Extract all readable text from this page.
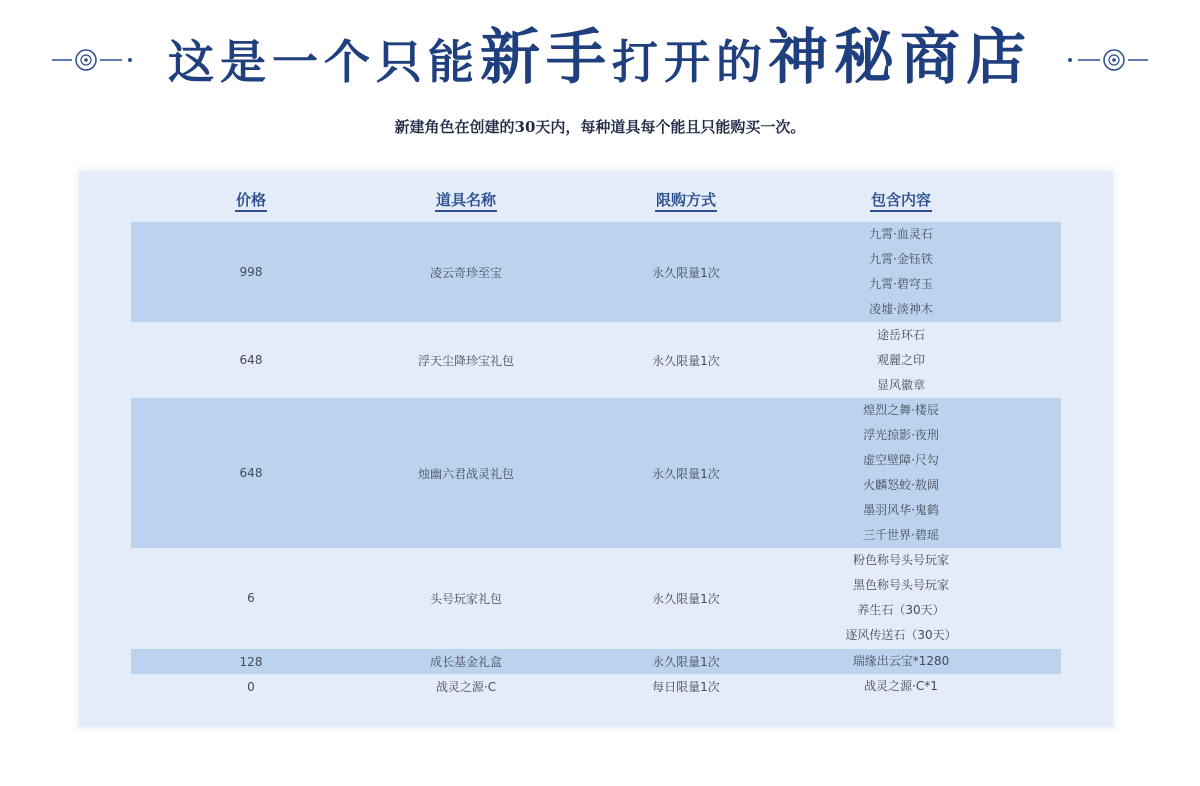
这是一个只能新手打开的神秘商店
新建角色在创建的30天内，每种道具每个能且只能购买一次。
价格	道具名称	限购方式	包含内容
998	凌云奇珍至宝	永久限量1次
九霄·血灵石
九霄·金钰铁
九霄·碧穹玉
凌墟·淡神木
648	浮天尘降珍宝礼包	永久限量1次
途岳环石
观麗之印
显风徽章
648	烛幽六君战灵礼包	永久限量1次
煌烈之舞·楼辰
浮光掠影·夜刑
虚空壁障·尺勾
火麟怒蛟·敖阔
墨羽风华·鬼鹤
三千世界·碧瑶
6	头号玩家礼包	永久限量1次
粉色称号头号玩家
黑色称号头号玩家
养生石（30天）
逐风传送石（30天）
128	成长基金礼盒	永久限量1次	瑞缘出云宝*1280
0	战灵之源·C	每日限量1次	战灵之源·C*1
